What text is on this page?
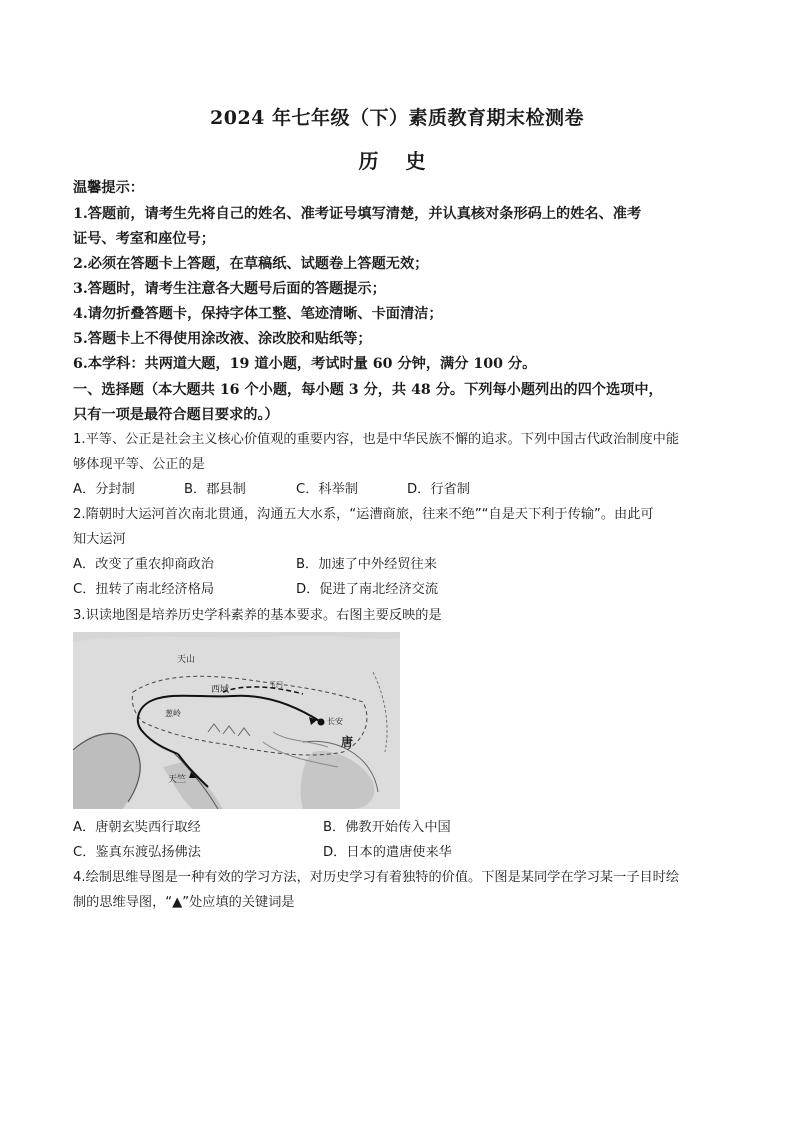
2024 年七年级（下）素质教育期末检测卷
历 史
温馨提示：
1.答题前，请考生先将自己的姓名、准考证号填写清楚，并认真核对条形码上的姓名、准考
证号、考室和座位号；
2.必须在答题卡上答题，在草稿纸、试题卷上答题无效；
3.答题时，请考生注意各大题号后面的答题提示；
4.请勿折叠答题卡，保持字体工整、笔迹清晰、卡面清洁；
5.答题卡上不得使用涂改液、涂改胶和贴纸等；
6.本学科：共两道大题，19 道小题，考试时量 60 分钟，满分 100 分。
一、选择题（本大题共 16 个小题，每小题 3 分，共 48 分。下列每小题列出的四个选项中，
只有一项是最符合题目要求的。）
1.平等、公正是社会主义核心价值观的重要内容，也是中华民族不懈的追求。下列中国古代政治制度中能
够体现平等、公正的是
A．分封制	B．郡县制	C．科举制	D．行省制
2.隋朝时大运河首次南北贯通，沟通五大水系，“运漕商旅，往来不绝”“自是天下利于传输”。由此可
知大运河
A．改变了重农抑商政治	B．加速了中外经贸往来
C．扭转了南北经济格局	D．促进了南北经济交流
3.识读地图是培养历史学科素养的基本要求。右图主要反映的是
天山
西域	玉门
长安
葱岭
唐
天竺
A．唐朝玄奘西行取经	B．佛教开始传入中国
C．鉴真东渡弘扬佛法	D．日本的遣唐使来华
4.绘制思维导图是一种有效的学习方法，对历史学习有着独特的价值。下图是某同学在学习某一子目时绘
制的思维导图，“▲”处应填的关键词是
